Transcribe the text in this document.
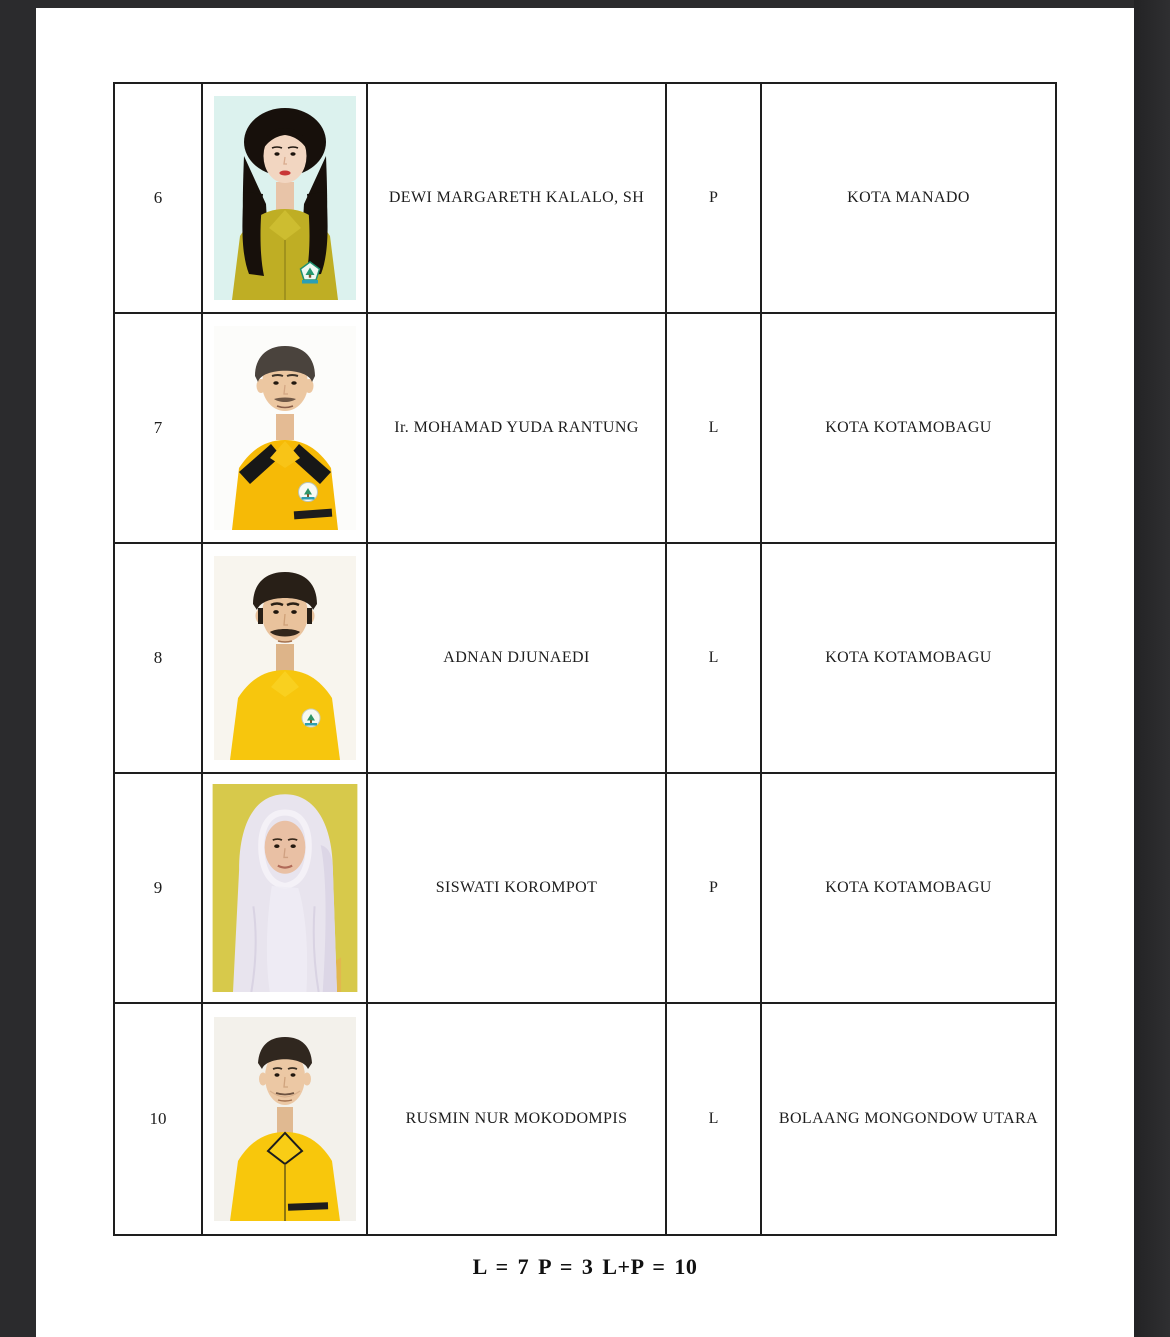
6	DEWI MARGARETH KALALO, SH	P	KOTA MANADO
7	Ir. MOHAMAD YUDA RANTUNG	L	KOTA KOTAMOBAGU
8	ADNAN DJUNAEDI	L	KOTA KOTAMOBAGU
9	SISWATI KOROMPOT	P	KOTA KOTAMOBAGU
10	RUSMIN NUR MOKODOMPIS	L	BOLAANG MONGONDOW UTARA
L = 7 P = 3 L+P = 10
